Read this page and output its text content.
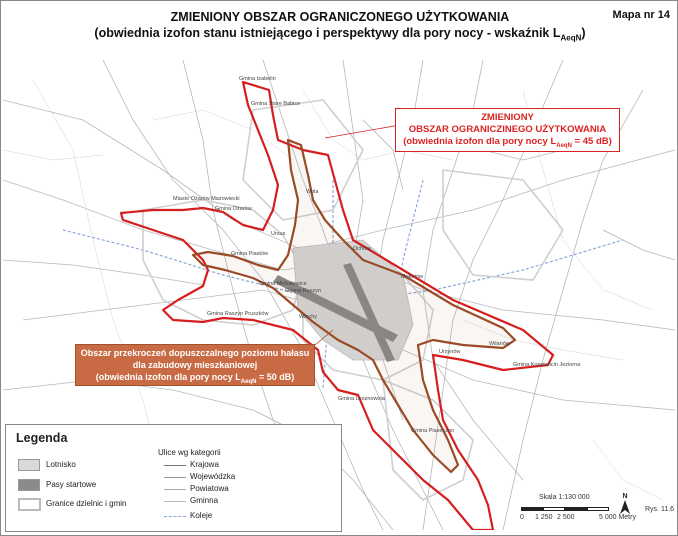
ZMIENIONY OBSZAR OGRANICZONEGO UŻYTKOWANIA
(obwiednia izofon stanu istniejącego i perspektywy dla pory nocy - wskaźnik $L_{AeqN}$)
Mapa nr 14
Gmina Izabelin
Gmina Stare Babice
Miasto Ożarów Mazowiecki
Gmina Ożarów
Ursus
Gmina Piastów
Gmina Raszyn Pruszków
Gmina Michałowice
Gmina Raszyn
Ochota
Mokotów
Ursynów
Wilanów
Gmina Lesznowola
Gmina Piaseczno
Gmina Konstancin Jeziorna
Wola
Włochy
ZMIENIONY
OBSZAR OGRANICZINEGO UŻYTKOWANIA
(obwiednia izofon dla pory nocy $L_{AeqN} = 45$ dB)
Obszar przekroczeń dopuszczalnego poziomu hałasu
dla zabudowy mieszkaniowej
(obwiednia izofon dla pory nocy $L_{AeqN} = 50$ dB)
Legenda
Lotnisko
Pasy startowe
Granice dzielnic i gmin
Ulice wg kategorii
Krajowa
Wojewódzka
Powiatowa
Gminna
Koleje
Skala 1:130 000
0 1 250 2 500	5 000 Metry
N
Rys. 11.6
